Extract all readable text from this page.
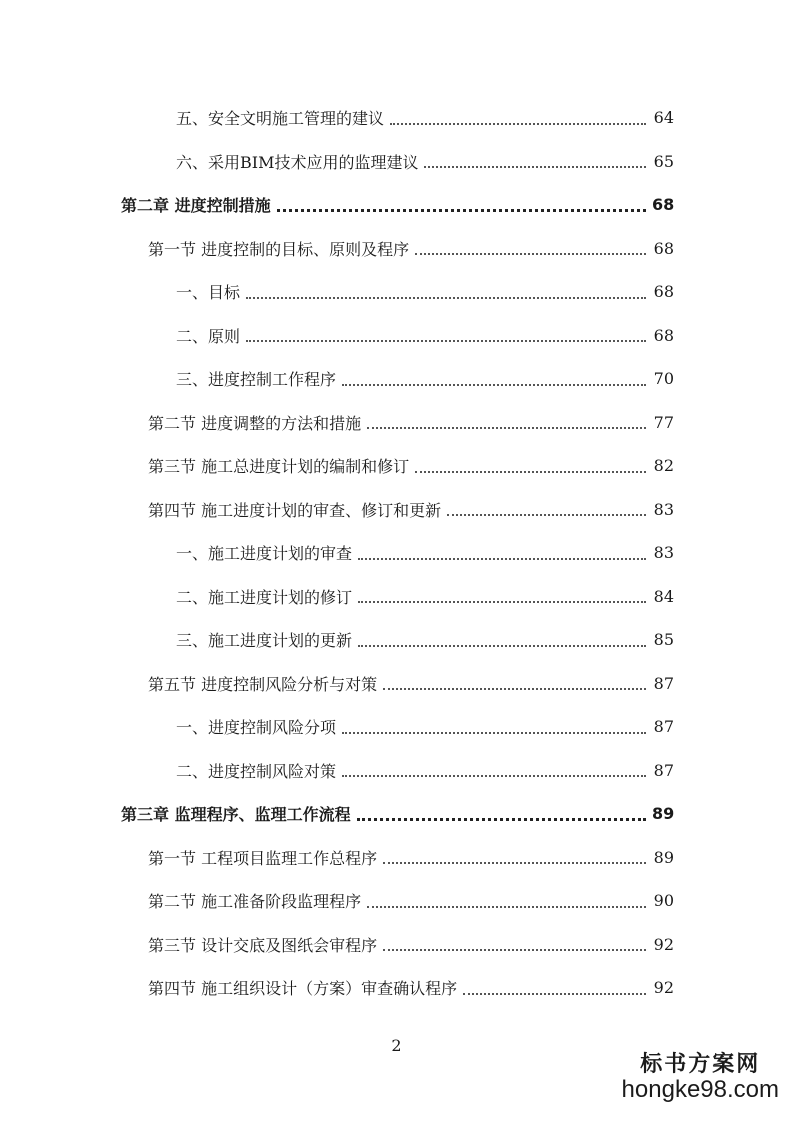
五、安全文明施工管理的建议	64
六、采用BIM技术应用的监理建议	65
第二章 进度控制措施	68
第一节 进度控制的目标、原则及程序	68
一、目标	68
二、原则	68
三、进度控制工作程序	70
第二节 进度调整的方法和措施	77
第三节 施工总进度计划的编制和修订	82
第四节 施工进度计划的审查、修订和更新	83
一、施工进度计划的审查	83
二、施工进度计划的修订	84
三、施工进度计划的更新	85
第五节 进度控制风险分析与对策	87
一、进度控制风险分项	87
二、进度控制风险对策	87
第三章 监理程序、监理工作流程	89
第一节 工程项目监理工作总程序	89
第二节 施工准备阶段监理程序	90
第三节 设计交底及图纸会审程序	92
第四节 施工组织设计（方案）审查确认程序	92
2
标书方案网
hongke98.com
